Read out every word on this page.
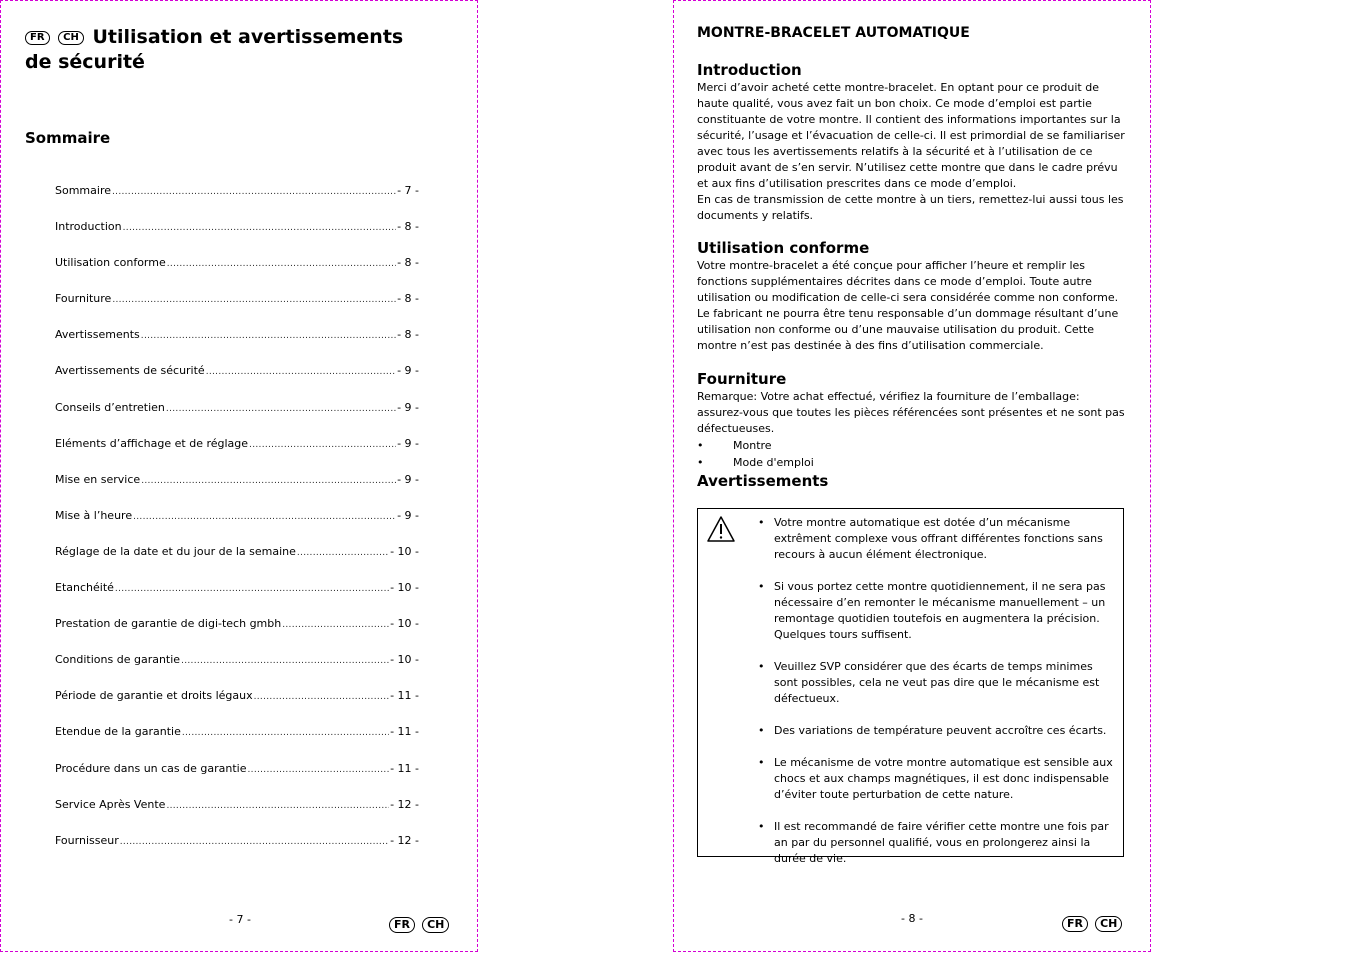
FR CH Utilisation et avertissements de sécurité
Sommaire
Sommaire .....	- 7 -
Introduction .....	- 8 -
Utilisation conforme .....	- 8 -
Fourniture .....	- 8 -
Avertissements .....	- 8 -
Avertissements de sécurité .....	- 9 -
Conseils d’entretien .....	- 9 -
Eléments d’affichage et de réglage .....	- 9 -
Mise en service .....	- 9 -
Mise à l’heure .....	- 9 -
Réglage de la date et du jour de la semaine .....	- 10 -
Etanchéité .....	- 10 -
Prestation de garantie de digi-tech gmbh .....	- 10 -
Conditions de garantie .....	- 10 -
Période de garantie et droits légaux .....	- 11 -
Etendue de la garantie .....	- 11 -
Procédure dans un cas de garantie .....	- 11 -
Service Après Vente .....	- 12 -
Fournisseur .....	- 12 -
- 7 -	FR CH
MONTRE-BRACELET AUTOMATIQUE
Introduction

Merci d’avoir acheté cette montre-bracelet. En optant pour ce produit de haute qualité, vous avez fait un bon choix. Ce mode d’emploi est partie constituante de votre montre. Il contient des informations importantes sur la sécurité, l’usage et l’évacuation de celle-ci. Il est primordial de se familiariser avec tous les avertissements relatifs à la sécurité et à l’utilisation de ce produit avant de s’en servir. N’utilisez cette montre que dans le cadre prévu et aux fins d’utilisation prescrites dans ce mode d’emploi.

En cas de transmission de cette montre à un tiers, remettez-lui aussi tous les documents y relatifs.

Utilisation conforme
Votre montre-bracelet a été conçue pour afficher l’heure et remplir les fonctions supplémentaires décrites dans ce mode d’emploi. Toute autre utilisation ou modification de celle-ci sera considérée comme non conforme. Le fabricant ne pourra être tenu responsable d’un dommage résultant d’une utilisation non conforme ou d’une mauvaise utilisation du produit. Cette montre n’est pas destinée à des fins d’utilisation commerciale.
Fourniture

Remarque: Votre achat effectué, vérifiez la fourniture de l’emballage: assurez-vous que toutes les pièces référencées sont présentes et ne sont pas défectueuses.

• Montre
• Mode d'emploi
Avertissements
• Votre montre automatique est dotée d’un mécanisme extrêment complexe vous offrant différentes fonctions sans recours à aucun élément électronique.
• Si vous portez cette montre quotidiennement, il ne sera pas nécessaire d’en remonter le mécanisme manuellement – un remontage quotidien toutefois en augmentera la précision. Quelques tours suffisent.
• Veuillez SVP considérer que des écarts de temps minimes sont possibles, cela ne veut pas dire que le mécanisme est défectueux.
• Des variations de température peuvent accroître ces écarts.
• Le mécanisme de votre montre automatique est sensible aux chocs et aux champs magnétiques, il est donc indispensable d’éviter toute perturbation de cette nature.
• Il est recommandé de faire vérifier cette montre une fois par an par du personnel qualifié, vous en prolongerez ainsi la durée de vie.
- 8 -	FR CH
